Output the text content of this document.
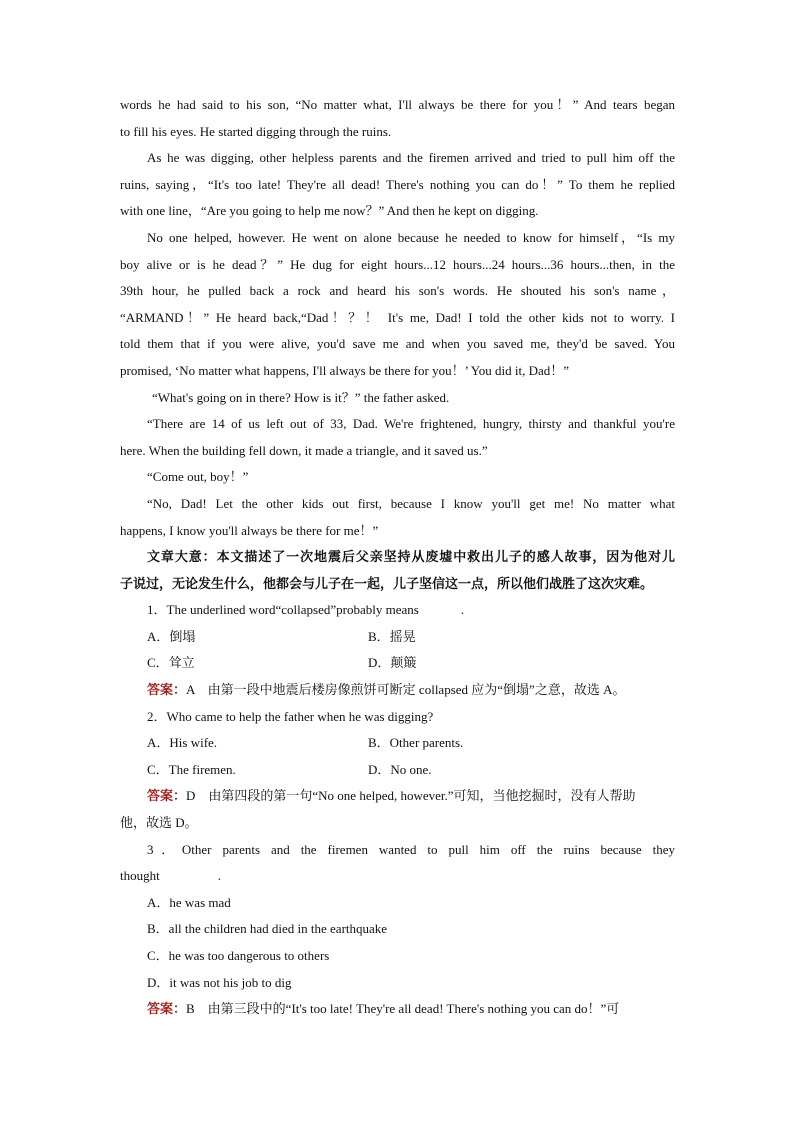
words he had said to his son, “No matter what, I'll always be there for you！” And tears began
to fill his eyes. He started digging through the ruins.
As he was digging, other helpless parents and the firemen arrived and tried to pull him off the
ruins, saying，“It's too late! They're all dead! There's nothing you can do！” To them he replied
with one line，“Are you going to help me now？” And then he kept on digging.
No one helped, however. He went on alone because he needed to know for himself，“Is my
boy alive or is he dead？” He dug for eight hours...12 hours...24 hours...36 hours...then, in the
39th hour, he pulled back a rock and heard his son's words. He shouted his son's name，
“ARMAND！” He heard back,“Dad！？！ It's me, Dad! I told the other kids not to worry. I
told them that if you were alive, you'd save me and when you saved me, they'd be saved. You
promised, ‘No matter what happens, I'll always be there for you！’ You did it, Dad！”
“What's going on in there? How is it？” the father asked.
“There are 14 of us left out of 33, Dad. We're frightened, hungry, thirsty and thankful you're
here. When the building fell down, it made a triangle, and it saved us.”
“Come out, boy！”
“No, Dad! Let the other kids out first, because I know you'll get me! No matter what
happens, I know you'll always be there for me！”
文章大意：本文描述了一次地震后父亲坚持从废墟中救出儿子的感人故事，因为他对儿
子说过，无论发生什么，他都会与儿子在一起，儿子坚信这一点，所以他们战胜了这次灾难。
1．The underlined word“collapsed”probably means	.
A．倒塌	B．摇晃
C．耸立	D．颠簸
答案：A　由第一段中地震后楼房像煎饼可断定 collapsed 应为“倒塌”之意，故选 A。
2．Who came to help the father when he was digging?
A．His wife.	B．Other parents.
C．The firemen.	D．No one.
答案：D　由第四段的第一句“No one helped, however.”可知，当他挖掘时，没有人帮助
他，故选 D。
3．Other parents and the firemen wanted to pull him off the ruins because they
thought	.
A．he was mad
B．all the children had died in the earthquake
C．he was too dangerous to others
D．it was not his job to dig
答案：B　由第三段中的“It's too late! They're all dead! There's nothing you can do！”可
